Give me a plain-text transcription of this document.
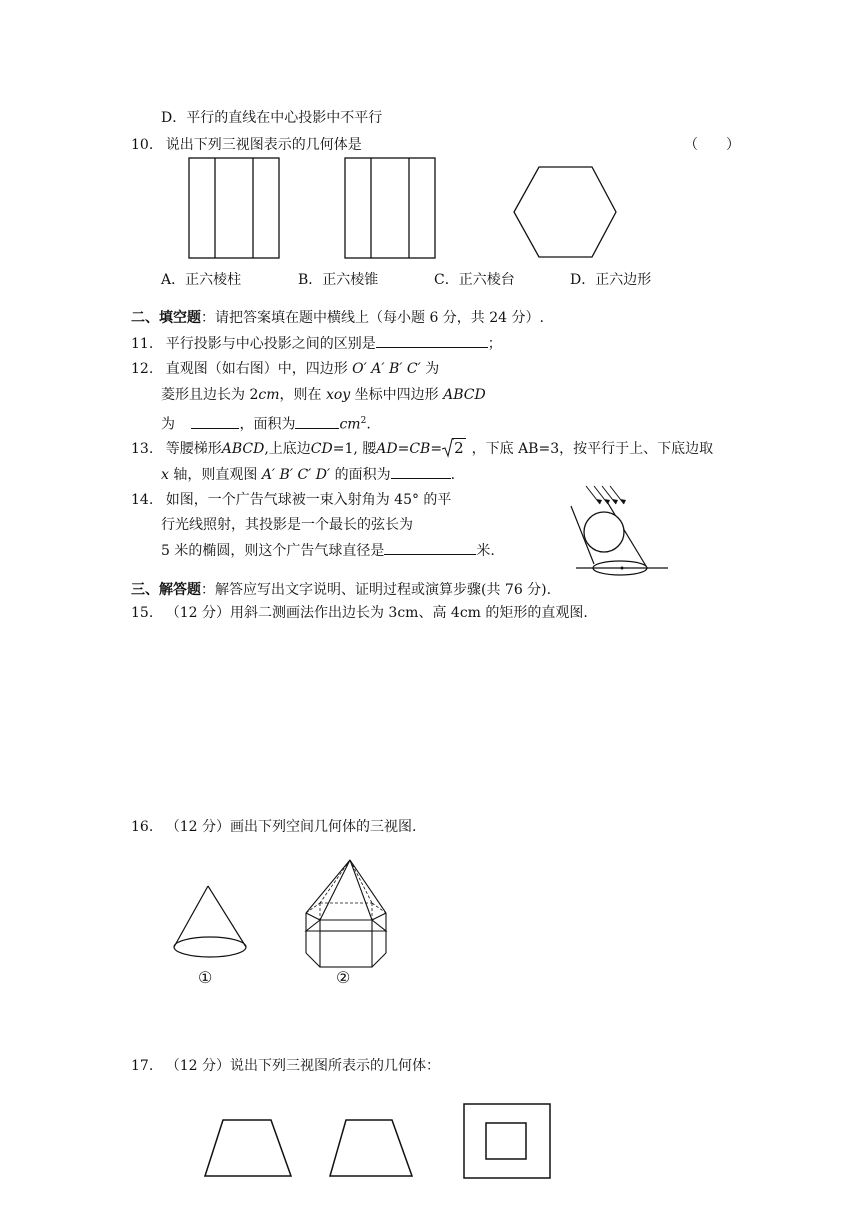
D．平行的直线在中心投影中不平行
10. 说出下列三视图表示的几何体是	（　　）
A．正六棱柱	B．正六棱锥	C．正六棱台	D．正六边形
二、填空题：请把答案填在题中横线上（每小题 6 分，共 24 分）.
11. 平行投影与中心投影之间的区别是	；
12. 直观图（如右图）中，四边形 O′ A′ B′ C′ 为
菱形且边长为 2cm，则在 xoy 坐标中四边形 ABCD
为	，面积为	$cm^2$.
13. 等腰梯形ABCD,上底边CD=1, 腰AD=CB= 2 ，下底 AB=3，按平行于上、下底边取
x 轴，则直观图 A′ B′ C′ D′ 的面积为	.
14. 如图，一个广告气球被一束入射角为 45° 的平
行光线照射，其投影是一个最长的弦长为
5 米的椭圆，则这个广告气球直径是	米.
三、解答题：解答应写出文字说明、证明过程或演算步骤(共 76 分).
15. （12 分）用斜二测画法作出边长为 3cm、高 4cm 的矩形的直观图.
16. （12 分）画出下列空间几何体的三视图.
①	②
17. （12 分）说出下列三视图所表示的几何体：
